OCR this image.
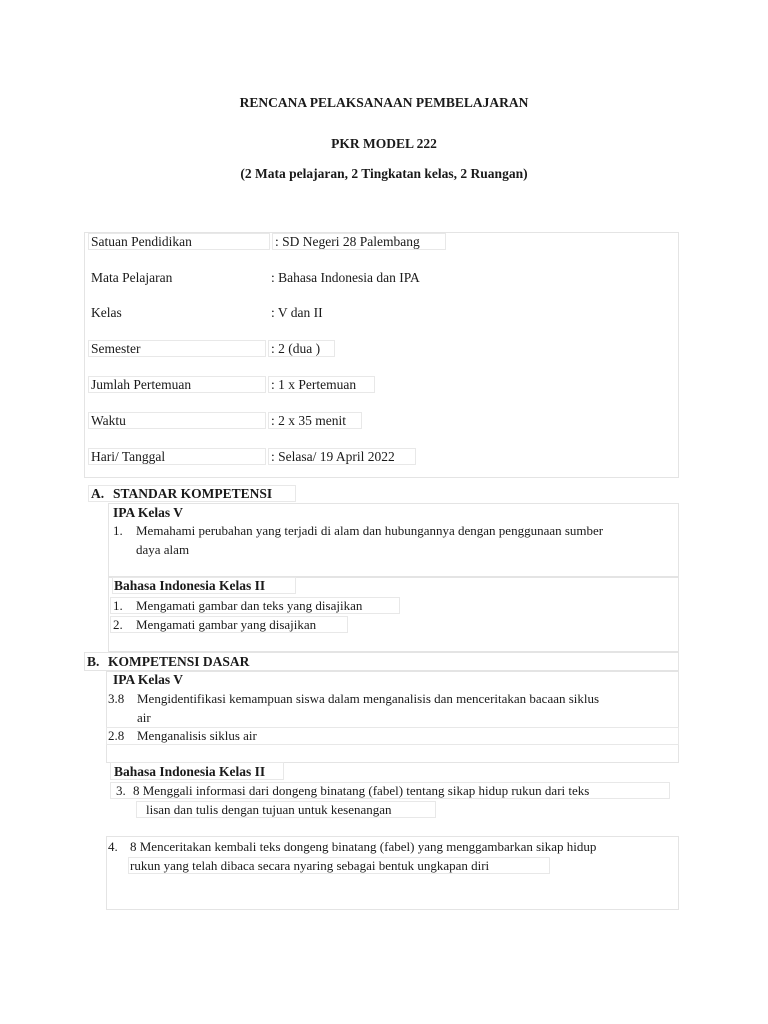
RENCANA PELAKSANAAN PEMBELAJARAN
PKR MODEL 222
(2 Mata pelajaran, 2 Tingkatan kelas, 2 Ruangan)
Satuan Pendidikan	: SD Negeri 28 Palembang
Mata Pelajaran	: Bahasa Indonesia dan IPA
Kelas	: V dan II
Semester	: 2 (dua )
Jumlah Pertemuan	: 1 x Pertemuan
Waktu	: 2 x 35 menit
Hari/ Tanggal	: Selasa/ 19 April 2022
A. STANDAR KOMPETENSI
IPA Kelas V
1. Memahami perubahan yang terjadi di alam dan hubungannya dengan penggunaan sumber
daya alam
Bahasa Indonesia Kelas II
1. Mengamati gambar dan teks yang disajikan
2. Mengamati gambar yang disajikan
B. KOMPETENSI DASAR
IPA Kelas V
3.8 Mengidentifikasi kemampuan siswa dalam menganalisis dan menceritakan bacaan siklus
air
2.8 Menganalisis siklus air
Bahasa Indonesia Kelas II
3. 8 Menggali informasi dari dongeng binatang (fabel) tentang sikap hidup rukun dari teks
lisan dan tulis dengan tujuan untuk kesenangan
4. 8 Menceritakan kembali teks dongeng binatang (fabel) yang menggambarkan sikap hidup
rukun yang telah dibaca secara nyaring sebagai bentuk ungkapan diri
